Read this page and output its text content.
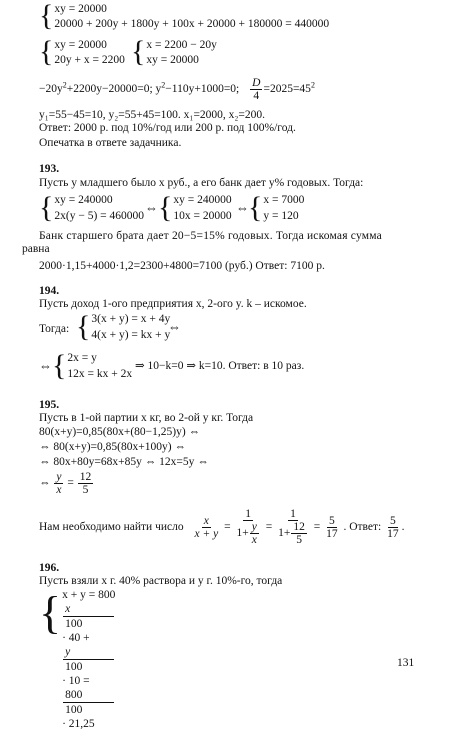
{ xy = 20000
20000 + 200y + 1800y + 100x + 20000 + 180000 = 440000
{ xy = 20000
20y + x = 2200 { x = 2200 − 20y
xy = 20000
$-20y^2+2200y-20000=0$; $y^2-110y+1000=0$; $\frac{D}{4} =2025=45^2$
y₁=55−45=10, y₂=55+45=100. x₁=2000, x₂=200.
Ответ: 2000 р. под 10%/год или 200 р. под 100%/год.
Опечатка в ответе задачника.
193.
Пусть у младшего было x руб., а его банк дает y% годовых. Тогда:
{ xy = 240000
2x(y − 5) = 460000
⇔ { xy = 240000
10x = 20000
⇔ { x = 7000
y = 120
Банк старшего брата дает 20−5=15% годовых. Тогда искомая сумма
равна
2000·1,15+4000·1,2=2300+4800=7100 (руб.) Ответ: 7100 р.
194.
Пусть доход 1-ого предприятия x, 2-ого y. k – искомое.
Тогда: { 3(x + y) = x + 4y
4(x + y) = kx + y
⇔
⇔ { 2x = y
12x = kx + 2x
⇒ 10−k=0 ⇒ k=10. Ответ: в 10 раз.
195.
Пусть в 1-ой партии x кг, во 2-ой y кг. Тогда
80(x+y)=0,85(80x+(80−1,25)y) ⇔
⇔ 80(x+y)=0,85(80x+100y) ⇔
⇔ 80x+80y=68x+85y ⇔ 12x=5y ⇔
⇔ $\frac{y}{x} = \frac{12}{5}$
Нам необходимо найти число $\frac{x}{x + y} = \frac{1}{1+ \frac{y}{x}} = \frac{1}{1+ \frac{12}{5}} = \frac{5}{17}$ . Ответ: $\frac{5}{17}$ .
196.
Пусть взяли x г. 40% раствора и y г. 10%-го, тогда
{ x + y = 800
x
100
· 40 +
y
100
· 10 =
800
100
· 21,25
131
